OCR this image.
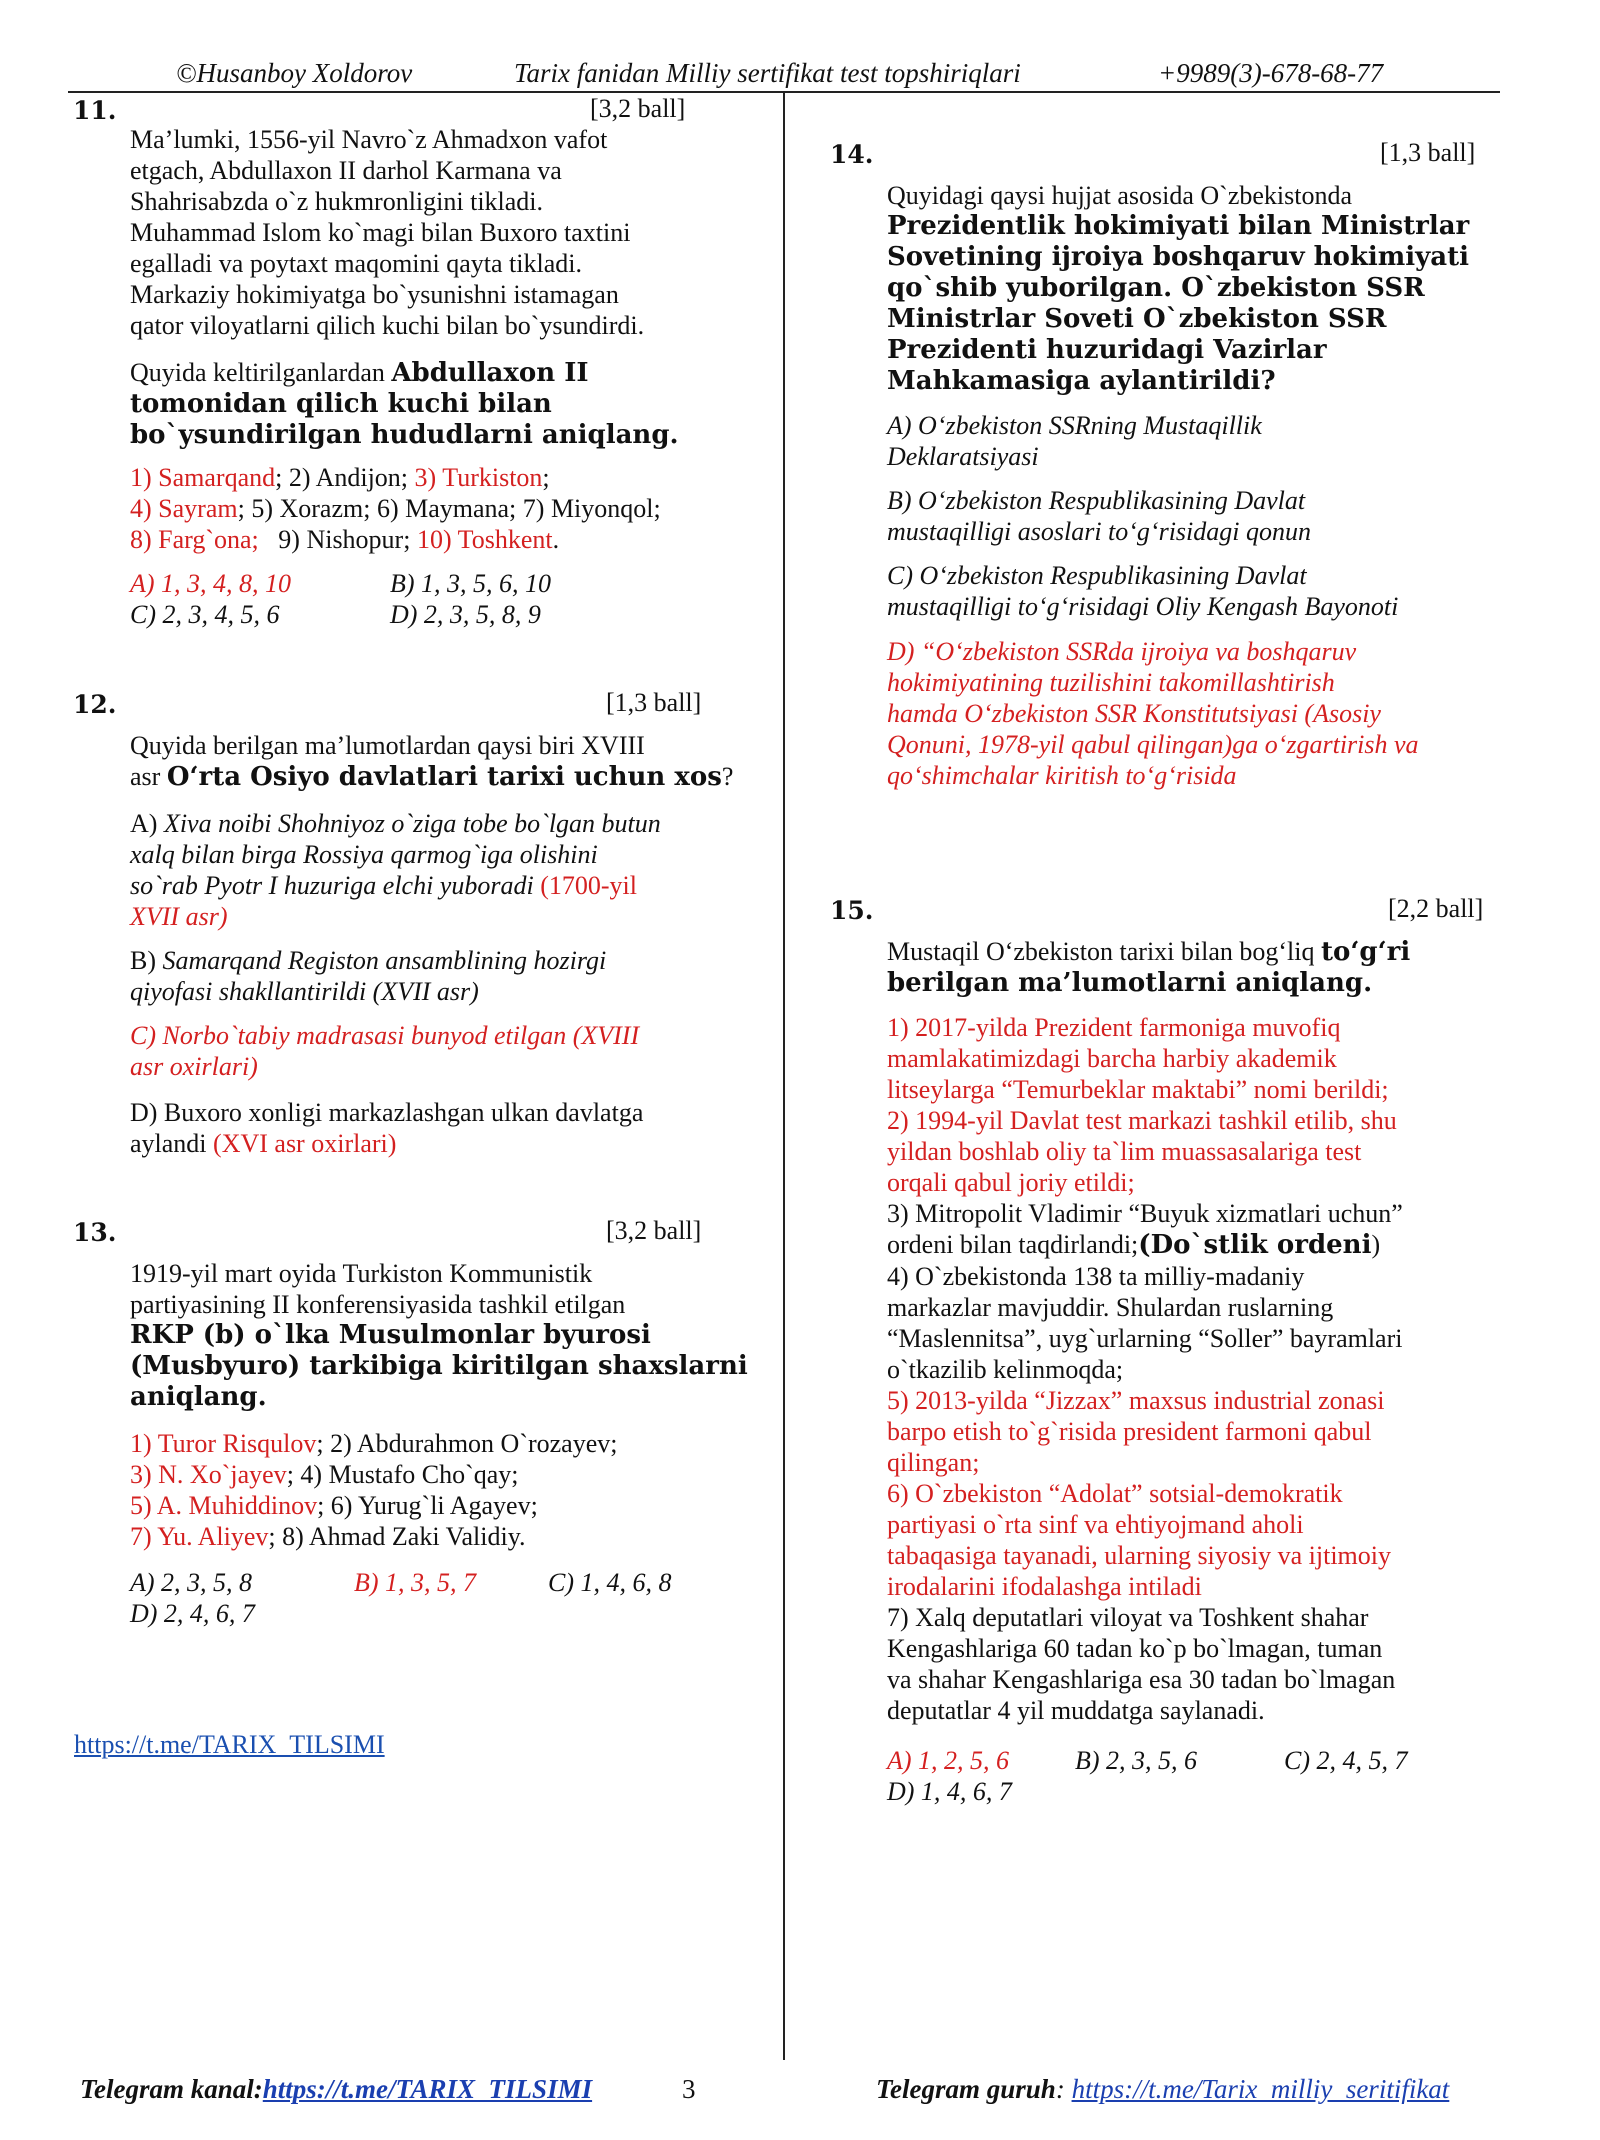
©Husanboy Xoldorov	Tarix fanidan Milliy sertifikat test topshiriqlari	+9989(3)-678-68-77
11.	[3,2 ball]
Ma’lumki, 1556-yil Navro`z Ahmadxon vafot
etgach, Abdullaxon II darhol Karmana va
Shahrisabzda o`z hukmronligini tikladi.
Muhammad Islom ko`magi bilan Buxoro taxtini
egalladi va poytaxt maqomini qayta tikladi.
Markaziy hokimiyatga bo`ysunishni istamagan
qator viloyatlarni qilich kuchi bilan bo`ysundirdi.
Quyida keltirilganlardan Abdullaxon II
tomonidan qilich kuchi bilan
bo`ysundirilgan hududlarni aniqlang.
1) Samarqand; 2) Andijon; 3) Turkiston;
4) Sayram; 5) Xorazm; 6) Maymana; 7) Miyonqol;
8) Farg`ona;   9) Nishopur; 10) Toshkent.
A) 1, 3, 4, 8, 10	B) 1, 3, 5, 6, 10
C) 2, 3, 4, 5, 6	D) 2, 3, 5, 8, 9
12.	[1,3 ball]
Quyida berilgan ma’lumotlardan qaysi biri XVIII
asr O‘rta Osiyo davlatlari tarixi uchun xos?
A) Xiva noibi Shohniyoz o`ziga tobe bo`lgan butun
xalq bilan birga Rossiya qarmog`iga olishini
so`rab Pyotr I huzuriga elchi yuboradi (1700-yil
XVII asr)
B) Samarqand Registon ansamblining hozirgi
qiyofasi shakllantirildi (XVII asr)
C) Norbo`tabiy madrasasi bunyod etilgan (XVIII
asr oxirlari)
D) Buxoro xonligi markazlashgan ulkan davlatga
aylandi (XVI asr oxirlari)
13.	[3,2 ball]
1919-yil mart oyida Turkiston Kommunistik
partiyasining II konferensiyasida tashkil etilgan
RKP (b) o`lka Musulmonlar byurosi
(Musbyuro) tarkibiga kiritilgan shaxslarni
aniqlang.
1) Turor Risqulov; 2) Abdurahmon O`rozayev;
3) N. Xo`jayev; 4) Mustafo Cho`qay;
5) A. Muhiddinov; 6) Yurug`li Agayev;
7) Yu. Aliyev; 8) Ahmad Zaki Validiy.
A) 2, 3, 5, 8	B) 1, 3, 5, 7	C) 1, 4, 6, 8
D) 2, 4, 6, 7
https://t.me/TARIX_TILSIMI
14.	[1,3 ball]
Quyidagi qaysi hujjat asosida O`zbekistonda
Prezidentlik hokimiyati bilan Ministrlar
Sovetining ijroiya boshqaruv hokimiyati
qo`shib yuborilgan. O`zbekiston SSR
Ministrlar Soveti O`zbekiston SSR
Prezidenti huzuridagi Vazirlar
Mahkamasiga aylantirildi?
A) O‘zbekiston SSRning Mustaqillik
Deklaratsiyasi
B) O‘zbekiston Respublikasining Davlat
mustaqilligi asoslari to‘g‘risidagi qonun
C) O‘zbekiston Respublikasining Davlat
mustaqilligi to‘g‘risidagi Oliy Kengash Bayonoti
D) “O‘zbekiston SSRda ijroiya va boshqaruv
hokimiyatining tuzilishini takomillashtirish
hamda O‘zbekiston SSR Konstitutsiyasi (Asosiy
Qonuni, 1978-yil qabul qilingan)ga o‘zgartirish va
qo‘shimchalar kiritish to‘g‘risida
15.	[2,2 ball]
Mustaqil O‘zbekiston tarixi bilan bog‘liq to‘g‘ri
berilgan ma’lumotlarni aniqlang.
1) 2017-yilda Prezident farmoniga muvofiq
mamlakatimizdagi barcha harbiy akademik
litseylarga “Temurbeklar maktabi” nomi berildi;
2) 1994-yil Davlat test markazi tashkil etilib, shu
yildan boshlab oliy ta`lim muassasalariga test
orqali qabul joriy etildi;
3) Mitropolit Vladimir “Buyuk xizmatlari uchun”
ordeni bilan taqdirlandi;(Do`stlik ordeni)
4) O`zbekistonda 138 ta milliy-madaniy
markazlar mavjuddir. Shulardan ruslarning
“Maslennitsa”, uyg`urlarning “Soller” bayramlari
o`tkazilib kelinmoqda;
5) 2013-yilda “Jizzax” maxsus industrial zonasi
barpo etish to`g`risida president farmoni qabul
qilingan;
6) O`zbekiston “Adolat” sotsial-demokratik
partiyasi o`rta sinf va ehtiyojmand aholi
tabaqasiga tayanadi, ularning siyosiy va ijtimoiy
irodalarini ifodalashga intiladi
7) Xalq deputatlari viloyat va Toshkent shahar
Kengashlariga 60 tadan ko`p bo`lmagan, tuman
va shahar Kengashlariga esa 30 tadan bo`lmagan
deputatlar 4 yil muddatga saylanadi.
A) 1, 2, 5, 6	B) 2, 3, 5, 6	C) 2, 4, 5, 7
D) 1, 4, 6, 7
Telegram kanal:https://t.me/TARIX_TILSIMI	3	Telegram guruh: https://t.me/Tarix_milliy_seritifikat
